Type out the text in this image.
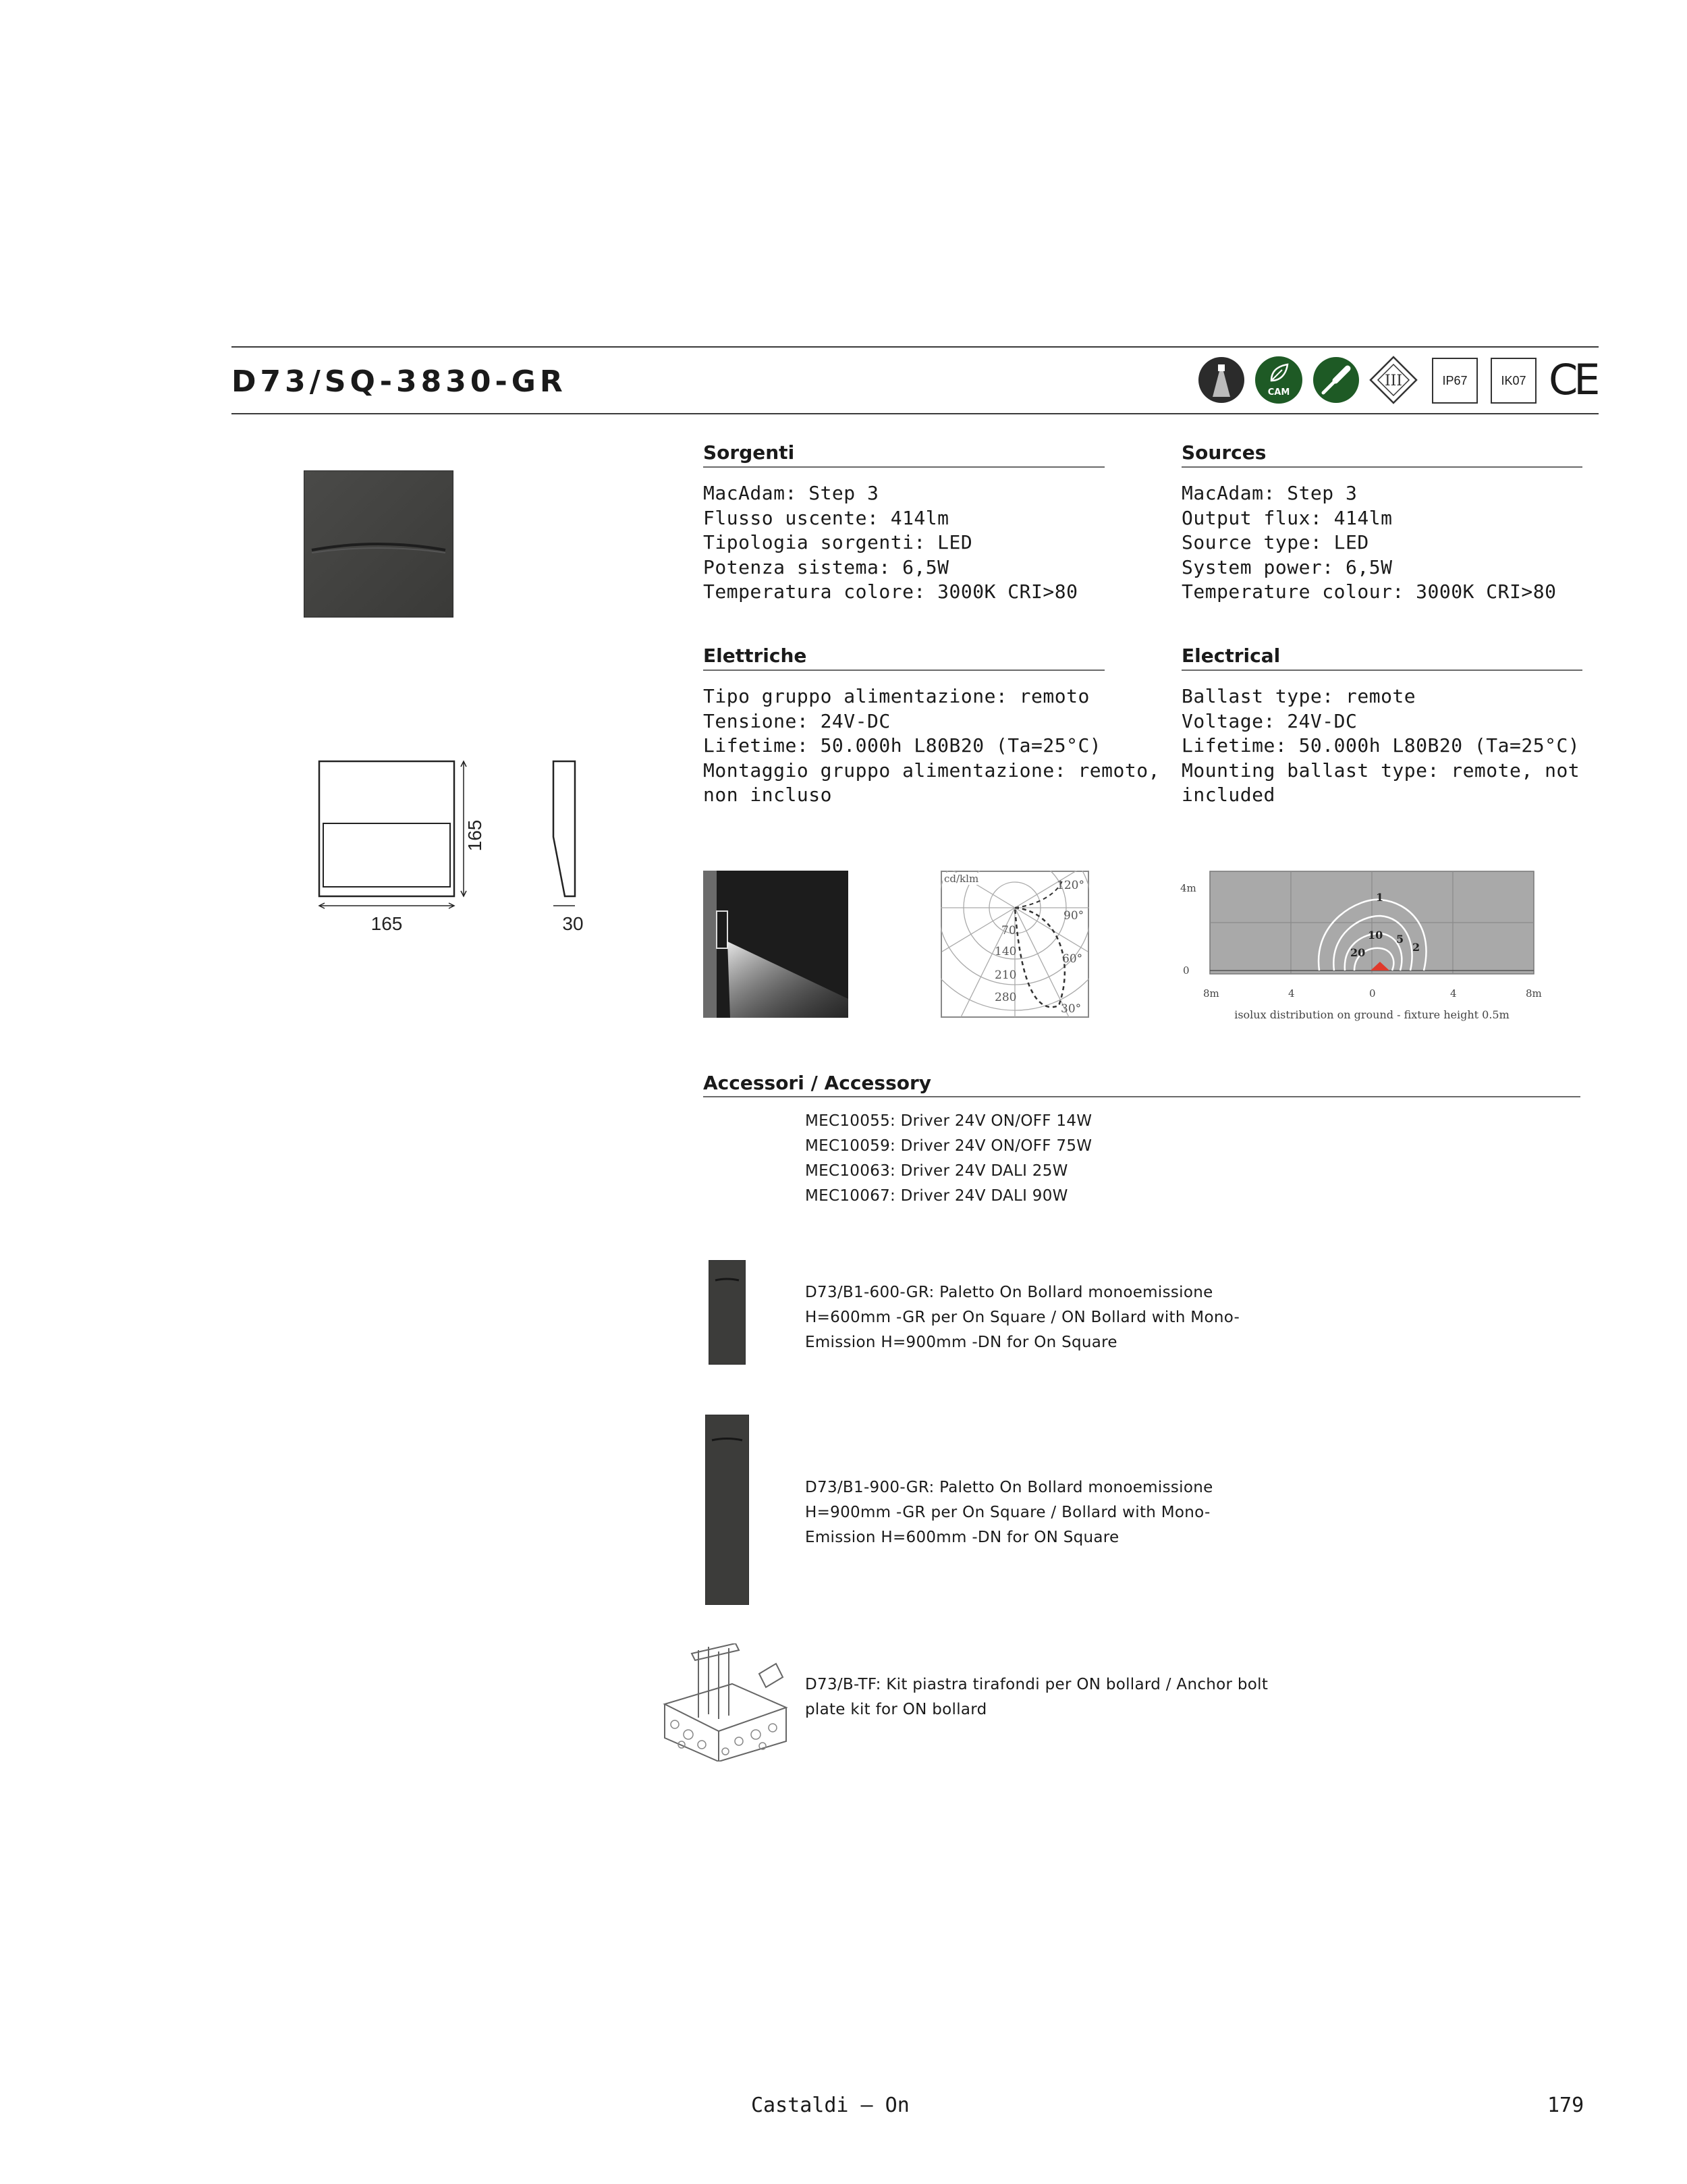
D73/SQ-3830-GR	CAM
III	IP67	IK07 CE
165
165	30
Sorgenti
MacAdam: Step 3
Flusso uscente: 414lm
Tipologia sorgenti: LED
Potenza sistema: 6,5W
Temperatura colore: 3000K CRI>80
Sources
MacAdam: Step 3
Output flux: 414lm
Source type: LED
System power: 6,5W
Temperature colour: 3000K CRI>80
Elettriche
Tipo gruppo alimentazione: remoto
Tensione: 24V-DC
Lifetime: 50.000h L80B20 (Ta=25°C)
Montaggio gruppo alimentazione: remoto,
non incluso
Electrical
Ballast type: remote
Voltage: 24V-DC
Lifetime: 50.000h L80B20 (Ta=25°C)
Mounting ballast type: remote, not
included
cd/klm	120°
90°
60°
30°
70
140
210
280
1
10 5
2
20
4m
0
8m	4	0	4	8m
isolux distribution on ground - fixture height 0.5m
Accessori / Accessory
MEC10055: Driver 24V ON/OFF 14W
MEC10059: Driver 24V ON/OFF 75W
MEC10063: Driver 24V DALI 25W
MEC10067: Driver 24V DALI 90W
D73/B1-600-GR: Paletto On Bollard monoemissione
H=600mm -GR per On Square / ON Bollard with Mono-
Emission H=900mm -DN for On Square
D73/B1-900-GR: Paletto On Bollard monoemissione
H=900mm -GR per On Square / Bollard with Mono-
Emission H=600mm -DN for ON Square
D73/B-TF: Kit piastra tirafondi per ON bollard / Anchor bolt
plate kit for ON bollard
Castaldi — On	179
